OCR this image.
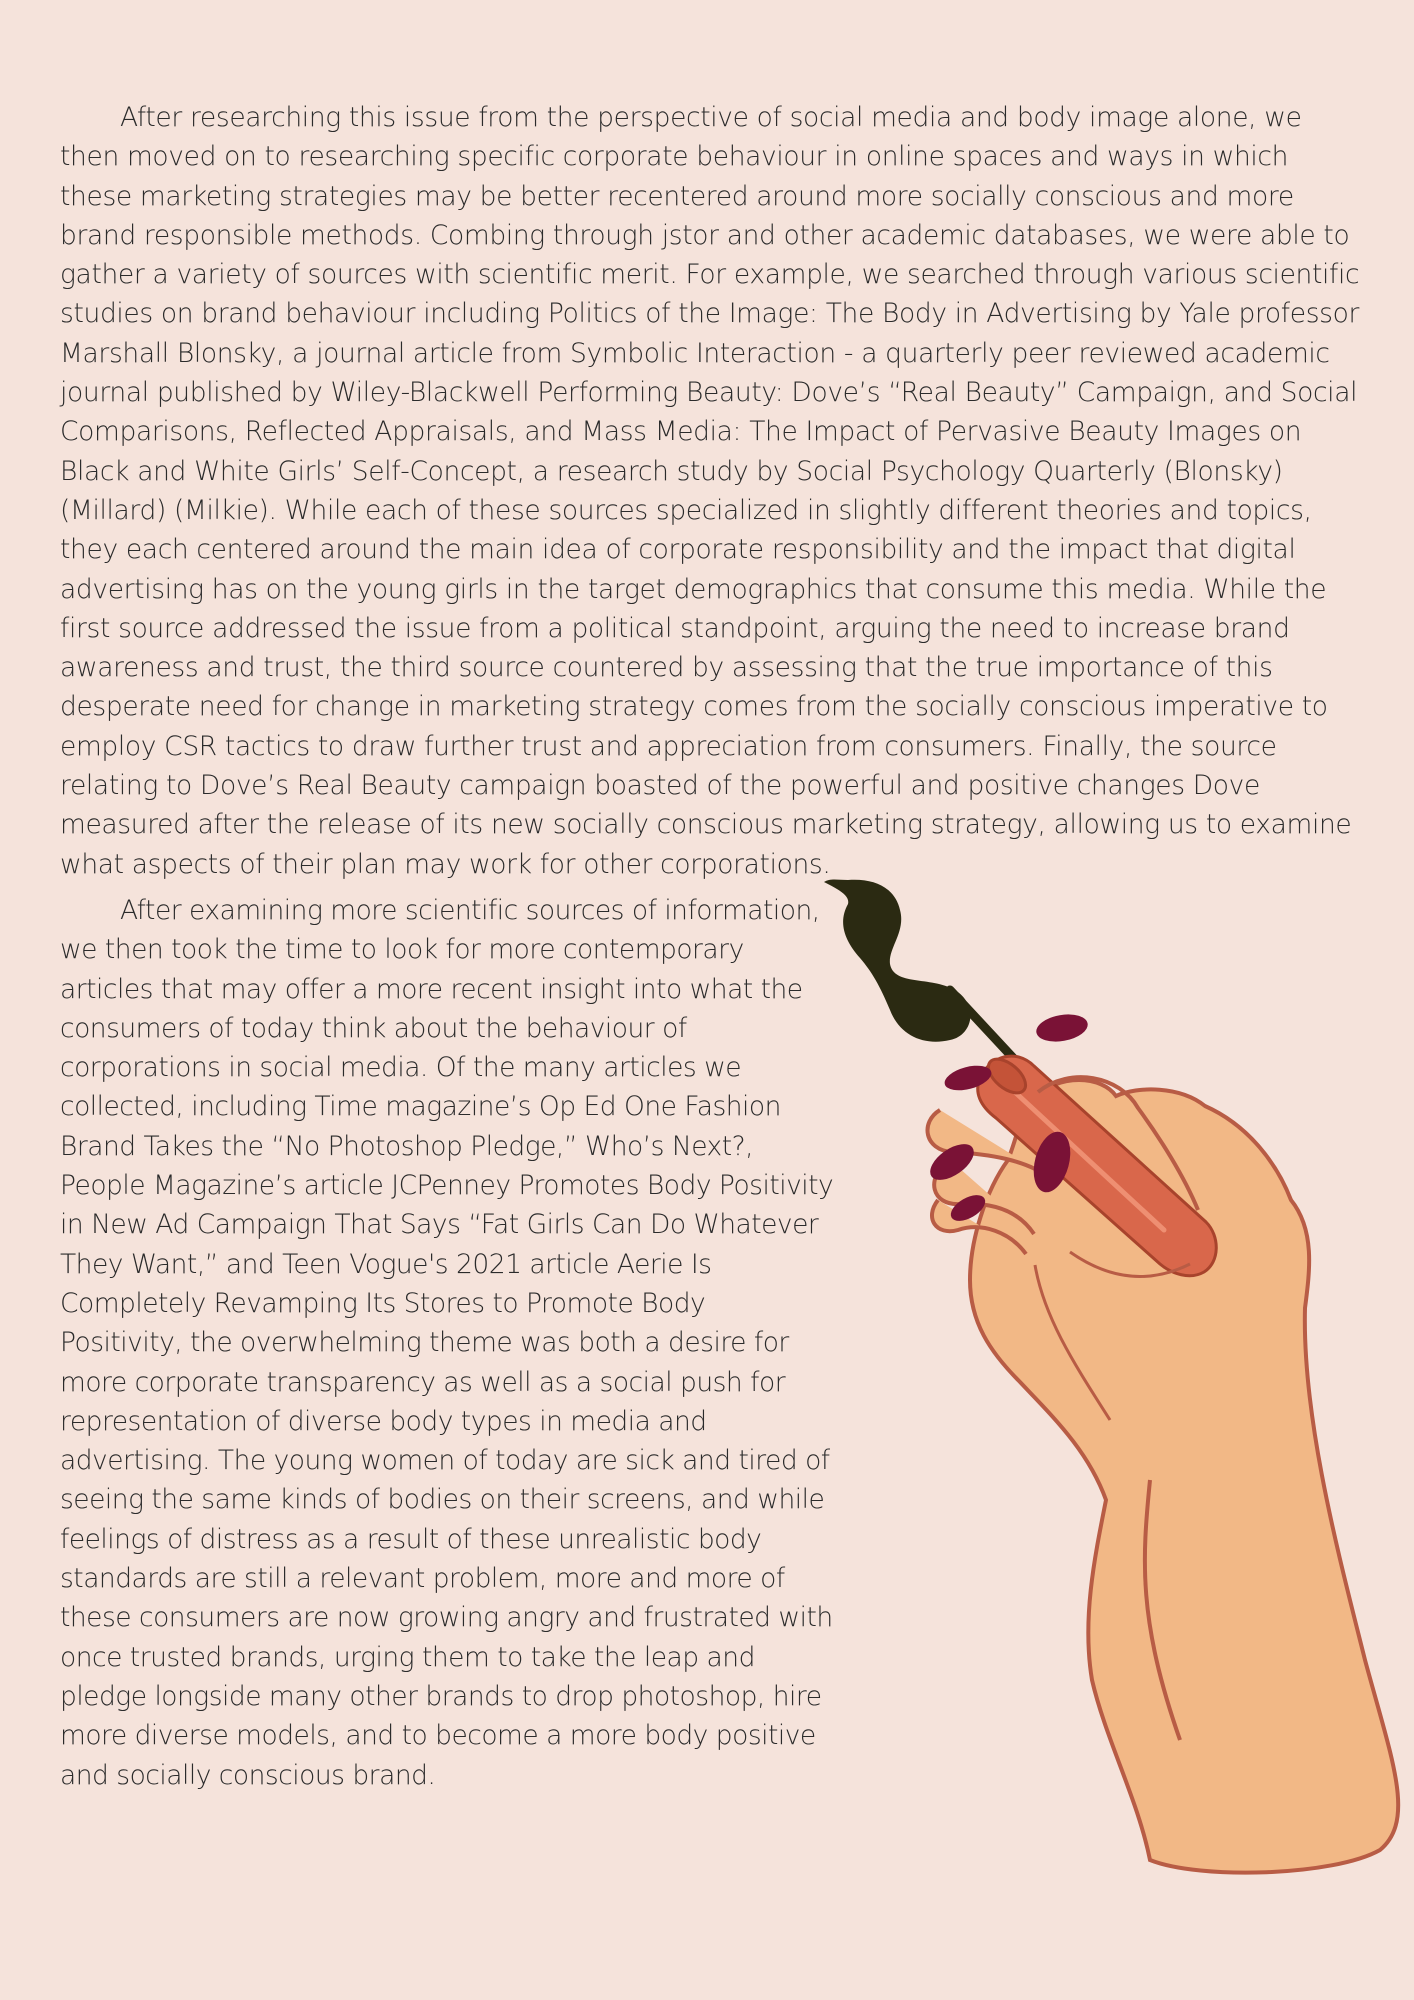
After researching this issue from the perspective of social media and body image alone, we then moved on to researching specific corporate behaviour in online spaces and ways in which these marketing strategies may be better recentered around more socially conscious and more brand responsible methods. Combing through jstor and other academic databases, we were able to gather a variety of sources with scientific merit. For example, we searched through various scientific studies on brand behaviour including Politics of the Image: The Body in Advertising by Yale professor Marshall Blonsky, a journal article from Symbolic Interaction - a quarterly peer reviewed academic journal published by Wiley-Blackwell Performing Beauty: Dove’s “Real Beauty” Campaign, and Social Comparisons, Reflected Appraisals, and Mass Media: The Impact of Pervasive Beauty Images on Black and White Girls’ Self-Concept, a research study by Social Psychology Quarterly (Blonsky) (Millard) (Milkie). While each of these sources specialized in slightly different theories and topics, they each centered around the main idea of corporate responsibility and the impact that digital advertising has on the young girls in the target demographics that consume this media. While the first source addressed the issue from a political standpoint, arguing the need to increase brand awareness and trust, the third source countered by assessing that the true importance of this desperate need for change in marketing strategy comes from the socially conscious imperative to employ CSR tactics to draw further trust and appreciation from consumers. Finally, the source relating to Dove’s Real Beauty campaign boasted of the powerful and positive changes Dove measured after the release of its new socially conscious marketing strategy, allowing us to examine what aspects of their plan may work for other corporations.

After examining more scientific sources of information, we then took the time to look for more contemporary articles that may offer a more recent insight into what the consumers of today think about the behaviour of corporations in social media. Of the many articles we collected, including Time magazine’s Op Ed One Fashion Brand Takes the “No Photoshop Pledge,” Who’s Next?, People Magazine’s article JCPenney Promotes Body Positivity in New Ad Campaign That Says “Fat Girls Can Do Whatever They Want,” and Teen Vogue's 2021 article Aerie Is Completely Revamping Its Stores to Promote Body Positivity, the overwhelming theme was both a desire for more corporate transparency as well as a social push for representation of diverse body types in media and advertising. The young women of today are sick and tired of seeing the same kinds of bodies on their screens, and while feelings of distress as a result of these unrealistic body standards are still a relevant problem, more and more of these consumers are now growing angry and frustrated with once trusted brands, urging them to take the leap and pledge longside many other brands to drop photoshop, hire more diverse models, and to become a more body positive and socially conscious brand.
